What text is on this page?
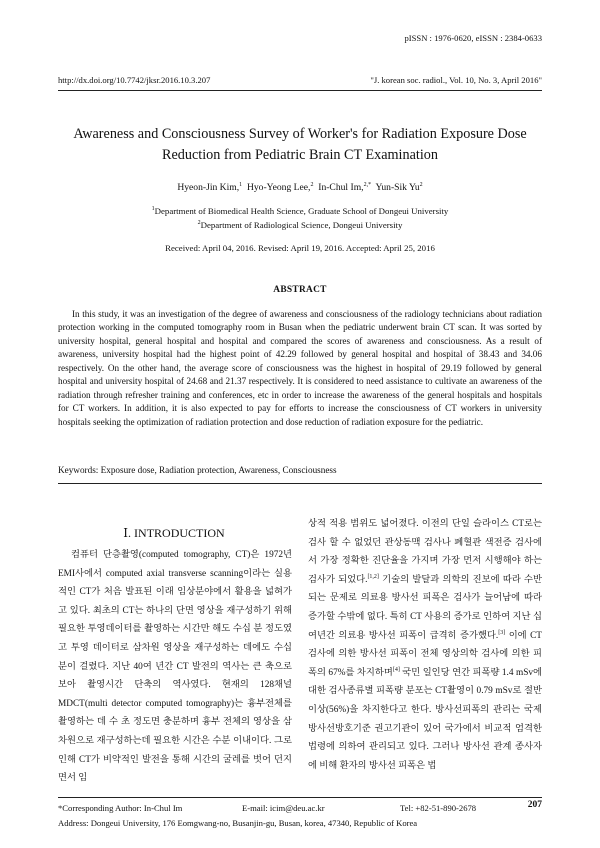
pISSN : 1976-0620, eISSN : 2384-0633
http://dx.doi.org/10.7742/jksr.2016.10.3.207	"J. korean soc. radiol., Vol. 10, No. 3, April 2016"
Awareness and Consciousness Survey of Worker's for Radiation Exposure Dose
Reduction from Pediatric Brain CT Examination
Hyeon-Jin Kim,$^1$ Hyo-Yeong Lee,$^2$ In-Chul Im,$^{2,*}$ Yun-Sik Yu$^2$
$^1$Department of Biomedical Health Science, Graduate School of Dongeui University
$^2$Department of Radiological Science, Dongeui University
Received: April 04, 2016. Revised: April 19, 2016. Accepted: April 25, 2016
ABSTRACT
In this study, it was an investigation of the degree of awareness and consciousness of the radiology technicians about radiation protection working in the computed tomography room in Busan when the pediatric underwent brain CT scan. It was sorted by university hospital, general hospital and hospital and compared the scores of awareness and consciousness. As a result of awareness, university hospital had the highest point of 42.29 followed by general hospital and hospital of 38.43 and 34.06 respectively. On the other hand, the average score of consciousness was the highest in hospital of 29.19 followed by general hospital and university hospital of 24.68 and 21.37 respectively. It is considered to need assistance to cultivate an awareness of the radiation through refresher training and conferences, etc in order to increase the awareness of the general hospitals and hospitals for CT workers. In addition, it is also expected to pay for efforts to increase the consciousness of CT workers in university hospitals seeking the optimization of radiation protection and dose reduction of radiation exposure for the pediatric.
Keywords: Exposure dose, Radiation protection, Awareness, Consciousness
Ⅰ. INTRODUCTION

컴퓨터 단층촬영(computed tomography, CT)은 1972년 EMI사에서 computed axial transverse scanning이라는 실용적인 CT가 처음 발표된 이래 임상분야에서 활용을 넓혀가고 있다. 최초의 CT는 하나의 단면 영상을 재구성하기 위해 필요한 투영데이터를 촬영하는 시간만 해도 수십 분 정도였고 투영 데이터로 삼차원 영상을 재구성하는 데에도 수십 분이 걸렸다. 지난 40여 년간 CT 발전의 역사는 큰 축으로 보아 촬영시간 단축의 역사였다. 현재의 128채널 MDCT(multi detector computed tomography)는 흉부전체를 촬영하는 데 수 초 정도면 충분하며 흉부 전체의 영상을 삼차원으로 재구성하는데 필요한 시간은 수분 이내이다. 그로인해 CT가 비약적인 발전을 통해 시간의 굴레를 벗어 던지면서 임

상적 적용 범위도 넓어졌다. 이전의 단일 슬라이스 CT로는 검사 할 수 없었던 관상동맥 검사나 폐혈관 색전증 검사에서 가장 정확한 진단율을 가지며 가장 먼저 시행해야 하는 검사가 되었다.[1,2] 기술의 발달과 의학의 진보에 따라 수반되는 문제로 의료용 방사선 피폭은 검사가 늘어남에 따라 증가할 수밖에 없다. 특히 CT 사용의 증가로 인하여 지난 십여년간 의료용 방사선 피폭이 급격히 증가했다.[3] 이에 CT검사에 의한 방사선 피폭이 전체 영상의학 검사에 의한 피폭의 67%를 차지하며[4] 국민 일인당 연간 피폭량 1.4 mSv에 대한 검사종류별 피폭량 분포는 CT촬영이 0.79 mSv로 절반 이상(56%)을 차지한다고 한다. 방사선피폭의 관리는 국제 방사선방호기준 권고기관이 있어 국가에서 비교적 엄격한 법령에 의하여 관리되고 있다. 그러나 방사선 관계 종사자에 비해 환자의 방사선 피폭은 법

*Corresponding Author: In-Chul Im	E-mail: icim@deu.ac.kr	Tel: +82-51-890-2678	207
Address: Dongeui University, 176 Eomgwang-no, Busanjin-gu, Busan, korea, 47340, Republic of Korea
